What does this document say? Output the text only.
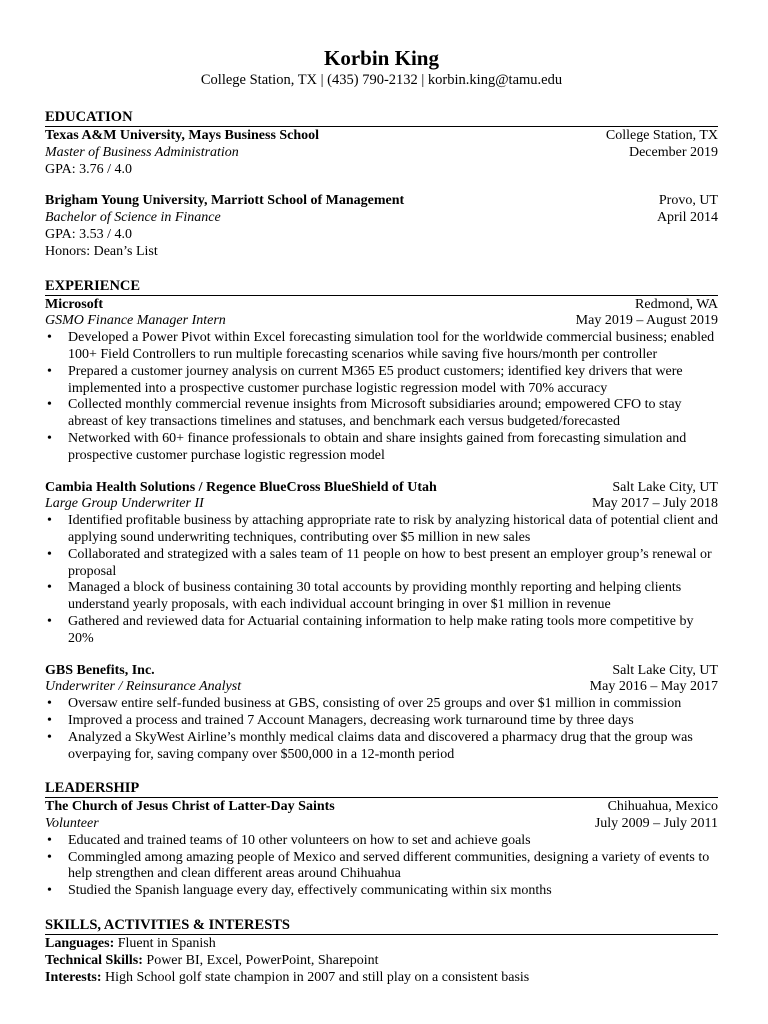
Korbin King

College Station, TX | (435) 790-2132 | korbin.king@tamu.edu

EDUCATION
Texas A&M University, Mays Business School	College Station, TX
Master of Business Administration	December 2019
GPA: 3.76 / 4.0
Brigham Young University, Marriott School of Management	Provo, UT
Bachelor of Science in Finance	April 2014
GPA: 3.53 / 4.0
Honors: Dean’s List
EXPERIENCE
Microsoft	Redmond, WA
GSMO Finance Manager Intern	May 2019 – August 2019
• Developed a Power Pivot within Excel forecasting simulation tool for the worldwide commercial business; enabled 100+ Field Controllers to run multiple forecasting scenarios while saving five hours/month per controller
• Prepared a customer journey analysis on current M365 E5 product customers; identified key drivers that were implemented into a prospective customer purchase logistic regression model with 70% accuracy
• Collected monthly commercial revenue insights from Microsoft subsidiaries around; empowered CFO to stay abreast of key transactions timelines and statuses, and benchmark each versus budgeted/forecasted
• Networked with 60+ finance professionals to obtain and share insights gained from forecasting simulation and prospective customer purchase logistic regression model
Cambia Health Solutions / Regence BlueCross BlueShield of Utah	Salt Lake City, UT
Large Group Underwriter II	May 2017 – July 2018
• Identified profitable business by attaching appropriate rate to risk by analyzing historical data of potential client and applying sound underwriting techniques, contributing over $5 million in new sales
• Collaborated and strategized with a sales team of 11 people on how to best present an employer group’s renewal or proposal
• Managed a block of business containing 30 total accounts by providing monthly reporting and helping clients understand yearly proposals, with each individual account bringing in over $1 million in revenue
• Gathered and reviewed data for Actuarial containing information to help make rating tools more competitive by 20%
GBS Benefits, Inc.	Salt Lake City, UT
Underwriter / Reinsurance Analyst	May 2016 – May 2017
• Oversaw entire self-funded business at GBS, consisting of over 25 groups and over $1 million in commission
• Improved a process and trained 7 Account Managers, decreasing work turnaround time by three days
• Analyzed a SkyWest Airline’s monthly medical claims data and discovered a pharmacy drug that the group was overpaying for, saving company over $500,000 in a 12-month period
LEADERSHIP
The Church of Jesus Christ of Latter-Day Saints	Chihuahua, Mexico
Volunteer	July 2009 – July 2011
• Educated and trained teams of 10 other volunteers on how to set and achieve goals
• Commingled among amazing people of Mexico and served different communities, designing a variety of events to help strengthen and clean different areas around Chihuahua
• Studied the Spanish language every day, effectively communicating within six months
SKILLS, ACTIVITIES & INTERESTS
Languages: Fluent in Spanish
Technical Skills: Power BI, Excel, PowerPoint, Sharepoint
Interests: High School golf state champion in 2007 and still play on a consistent basis
